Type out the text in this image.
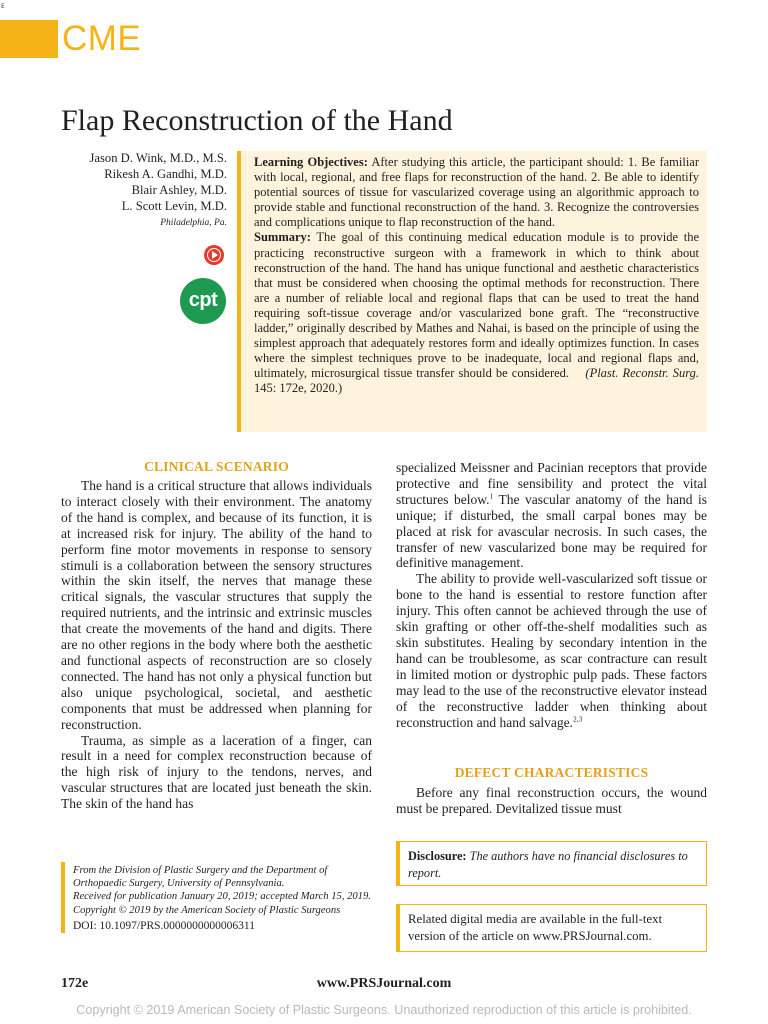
E
CME
Flap Reconstruction of the Hand
Jason D. Wink, M.D., M.S.
Rikesh A. Gandhi, M.D.
Blair Ashley, M.D.
L. Scott Levin, M.D.
Philadelphia, Pa.
cpt

Learning Objectives: After studying this article, the participant should: 1. Be familiar with local, regional, and free flaps for reconstruction of the hand. 2. Be able to identify potential sources of tissue for vascularized coverage using an algorithmic approach to provide stable and functional reconstruction of the hand. 3. Recognize the controversies and complications unique to flap reconstruction of the hand.

Summary: The goal of this continuing medical education module is to provide the practicing reconstructive surgeon with a framework in which to think about reconstruction of the hand. The hand has unique functional and aesthetic characteristics that must be considered when choosing the optimal methods for reconstruction. There are a number of reliable local and regional flaps that can be used to treat the hand requiring soft-tissue coverage and/or vascularized bone graft. The “reconstructive ladder,” originally described by Mathes and Nahai, is based on the principle of using the simplest approach that adequately restores form and ideally optimizes function. In cases where the simplest techniques prove to be inadequate, local and regional flaps and, ultimately, microsurgical tissue transfer should be considered. (Plast. Reconstr. Surg. 145: 172e, 2020.)

CLINICAL SCENARIO

The hand is a critical structure that allows individuals to interact closely with their environment. The anatomy of the hand is complex, and because of its function, it is at increased risk for injury. The ability of the hand to perform fine motor movements in response to sensory stimuli is a collaboration between the sensory structures within the skin itself, the nerves that manage these critical signals, the vascular structures that supply the required nutrients, and the intrinsic and extrinsic muscles that create the movements of the hand and digits. There are no other regions in the body where both the aesthetic and functional aspects of reconstruction are so closely connected. The hand has not only a physical function but also unique psychological, societal, and aesthetic components that must be addressed when planning for reconstruction.

Trauma, as simple as a laceration of a finger, can result in a need for complex reconstruction because of the high risk of injury to the tendons, nerves, and vascular structures that are located just beneath the skin. The skin of the hand has

specialized Meissner and Pacinian receptors that provide protective and fine sensibility and protect the vital structures below.$^1$ The vascular anatomy of the hand is unique; if disturbed, the small carpal bones may be placed at risk for avascular necrosis. In such cases, the transfer of new vascularized bone may be required for definitive management.

The ability to provide well-vascularized soft tissue or bone to the hand is essential to restore function after injury. This often cannot be achieved through the use of skin grafting or other off-the-shelf modalities such as skin substitutes. Healing by secondary intention in the hand can be troublesome, as scar contracture can result in limited motion or dystrophic pulp pads. These factors may lead to the use of the reconstructive elevator instead of the reconstructive ladder when thinking about reconstruction and hand salvage.$^{2,3}$

DEFECT CHARACTERISTICS

Before any final reconstruction occurs, the wound must be prepared. Devitalized tissue must

From the Division of Plastic Surgery and the Department of Orthopaedic Surgery, University of Pennsylvania.

Received for publication January 20, 2019; accepted March 15, 2019.

Copyright © 2019 by the American Society of Plastic Surgeons

DOI: 10.1097/PRS.0000000000006311

Disclosure: The authors have no financial disclosures to report.
Related digital media are available in the full-text version of the article on www.PRSJournal.com.
172e	www.PRSJournal.com
Copyright © 2019 American Society of Plastic Surgeons. Unauthorized reproduction of this article is prohibited.
